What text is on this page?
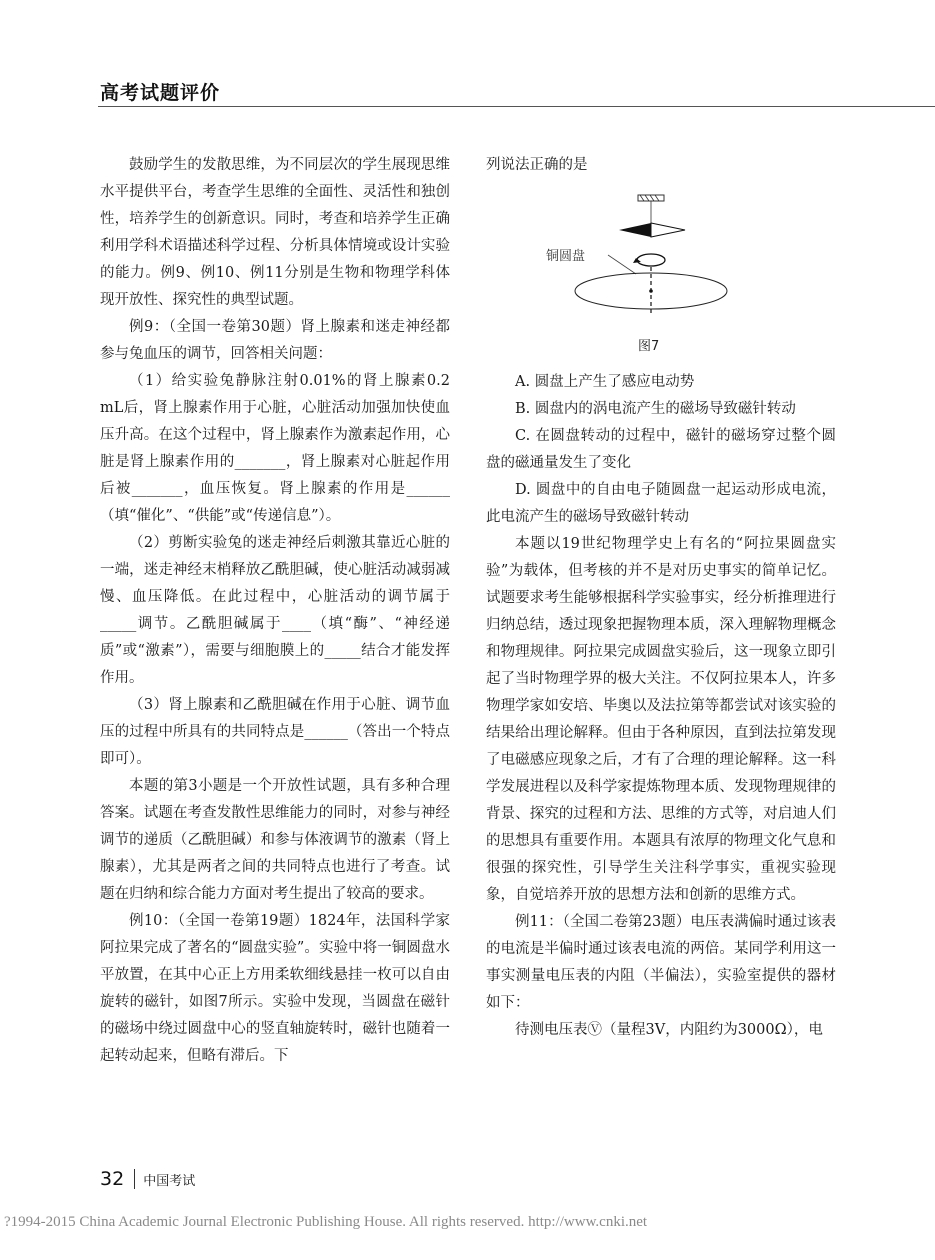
高考试题评价

鼓励学生的发散思维，为不同层次的学生展现思维水平提供平台，考查学生思维的全面性、灵活性和独创性，培养学生的创新意识。同时，考查和培养学生正确利用学科术语描述科学过程、分析具体情境或设计实验的能力。例9、例10、例11分别是生物和物理学科体现开放性、探究性的典型试题。

例9：（全国一卷第30题）肾上腺素和迷走神经都参与兔血压的调节，回答相关问题：

（1）给实验兔静脉注射0.01%的肾上腺素0.2 mL后，肾上腺素作用于心脏，心脏活动加强加快使血压升高。在这个过程中，肾上腺素作为激素起作用，心脏是肾上腺素作用的_______，肾上腺素对心脏起作用后被_______，血压恢复。肾上腺素的作用是______（填“催化”、“供能”或“传递信息”）。

（2）剪断实验兔的迷走神经后刺激其靠近心脏的一端，迷走神经末梢释放乙酰胆碱，使心脏活动减弱减慢、血压降低。在此过程中，心脏活动的调节属于_____调节。乙酰胆碱属于____（填“酶”、“神经递质”或“激素”），需要与细胞膜上的_____结合才能发挥作用。

（3）肾上腺素和乙酰胆碱在作用于心脏、调节血压的过程中所具有的共同特点是______（答出一个特点即可）。

本题的第3小题是一个开放性试题，具有多种合理答案。试题在考查发散性思维能力的同时，对参与神经调节的递质（乙酰胆碱）和参与体液调节的激素（肾上腺素），尤其是两者之间的共同特点也进行了考查。试题在归纳和综合能力方面对考生提出了较高的要求。

例10：（全国一卷第19题）1824年，法国科学家阿拉果完成了著名的“圆盘实验”。实验中将一铜圆盘水平放置，在其中心正上方用柔软细线悬挂一枚可以自由旋转的磁针，如图7所示。实验中发现，当圆盘在磁针的磁场中绕过圆盘中心的竖直轴旋转时，磁针也随着一起转动起来，但略有滞后。下

列说法正确的是

铜圆盘
图7

A. 圆盘上产生了感应电动势

B. 圆盘内的涡电流产生的磁场导致磁针转动

C. 在圆盘转动的过程中，磁针的磁场穿过整个圆盘的磁通量发生了变化

D. 圆盘中的自由电子随圆盘一起运动形成电流，此电流产生的磁场导致磁针转动

本题以19世纪物理学史上有名的“阿拉果圆盘实验”为载体，但考核的并不是对历史事实的简单记忆。试题要求考生能够根据科学实验事实，经分析推理进行归纳总结，透过现象把握物理本质，深入理解物理概念和物理规律。阿拉果完成圆盘实验后，这一现象立即引起了当时物理学界的极大关注。不仅阿拉果本人，许多物理学家如安培、毕奥以及法拉第等都尝试对该实验的结果给出理论解释。但由于各种原因，直到法拉第发现了电磁感应现象之后，才有了合理的理论解释。这一科学发展进程以及科学家提炼物理本质、发现物理规律的背景、探究的过程和方法、思维的方式等，对启迪人们的思想具有重要作用。本题具有浓厚的物理文化气息和很强的探究性，引导学生关注科学事实，重视实验现象，自觉培养开放的思想方法和创新的思维方式。

例11：（全国二卷第23题）电压表满偏时通过该表的电流是半偏时通过该表电流的两倍。某同学利用这一事实测量电压表的内阻（半偏法），实验室提供的器材如下：

待测电压表Ⓥ（量程3V，内阻约为3000Ω），电

32 中国考试
?1994-2015 China Academic Journal Electronic Publishing House. All rights reserved. http://www.cnki.net
